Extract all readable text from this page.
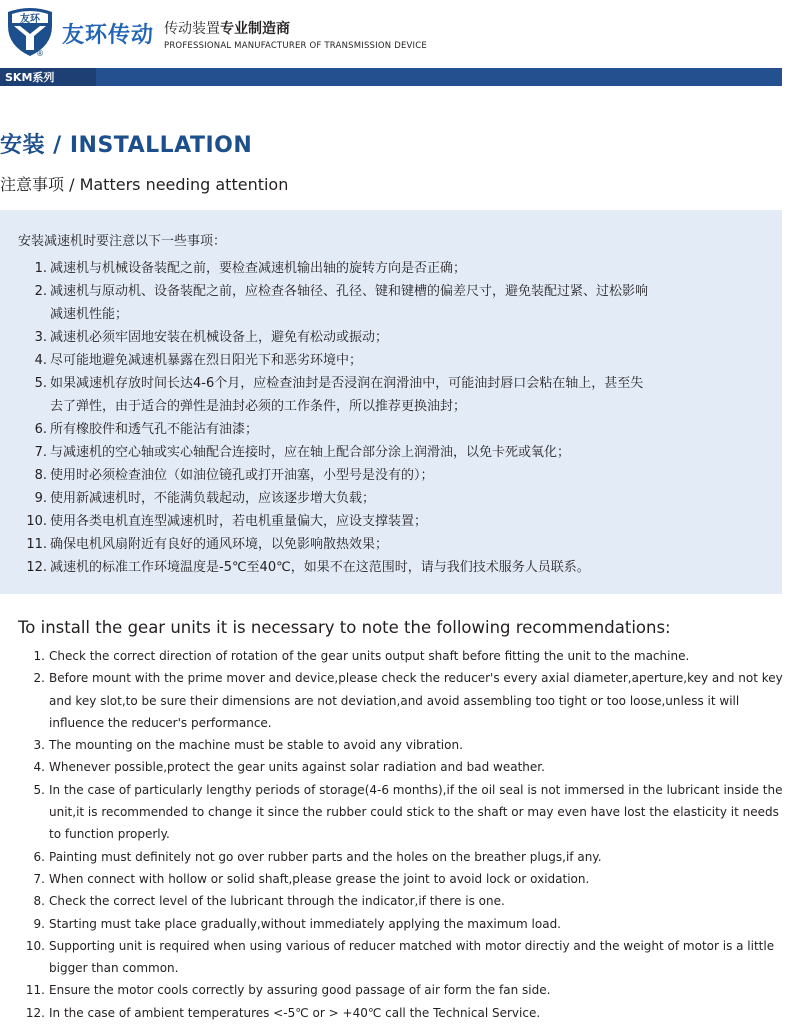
友环
®
友环传动 传动装置专业制造商
PROFESSIONAL MANUFACTURER OF TRANSMISSION DEVICE
SKM系列
安装 / INSTALLATION
注意事项 / Matters needing attention
安装减速机时要注意以下一些事项：
1. 减速机与机械设备装配之前，要检查减速机输出轴的旋转方向是否正确；
2. 减速机与原动机、设备装配之前，应检查各轴径、孔径、键和键槽的偏差尺寸，避免装配过紧、过松影响
减速机性能；
3. 减速机必须牢固地安装在机械设备上，避免有松动或振动；
4. 尽可能地避免减速机暴露在烈日阳光下和恶劣环境中；
5. 如果减速机存放时间长达4-6个月，应检查油封是否浸润在润滑油中，可能油封唇口会粘在轴上，甚至失
去了弹性，由于适合的弹性是油封必须的工作条件，所以推荐更换油封；
6. 所有橡胶件和透气孔不能沾有油漆；
7. 与减速机的空心轴或实心轴配合连接时，应在轴上配合部分涂上润滑油，以免卡死或氧化；
8. 使用时必须检查油位（如油位镜孔或打开油塞，小型号是没有的）；
9. 使用新减速机时，不能满负载起动，应该逐步增大负载；
10. 使用各类电机直连型减速机时，若电机重量偏大，应设支撑装置；
11. 确保电机风扇附近有良好的通风环境，以免影响散热效果；
12. 减速机的标准工作环境温度是-5℃至40℃，如果不在这范围时，请与我们技术服务人员联系。
To install the gear units it is necessary to note the following recommendations:
1. Check the correct direction of rotation of the gear units output shaft before fitting the unit to the machine.
2. Before mount with the prime mover and device,please check the reducer's every axial diameter,aperture,key and not key
and key slot,to be sure their dimensions are not deviation,and avoid assembling too tight or too loose,unless it will
influence the reducer's performance.
3. The mounting on the machine must be stable to avoid any vibration.
4. Whenever possible,protect the gear units against solar radiation and bad weather.
5. In the case of particularly lengthy periods of storage(4-6 months),if the oil seal is not immersed in the lubricant inside the
unit,it is recommended to change it since the rubber could stick to the shaft or may even have lost the elasticity it needs
to function properly.
6. Painting must definitely not go over rubber parts and the holes on the breather plugs,if any.
7. When connect with hollow or solid shaft,please grease the joint to avoid lock or oxidation.
8. Check the correct level of the lubricant through the indicator,if there is one.
9. Starting must take place gradually,without immediately applying the maximum load.
10. Supporting unit is required when using various of reducer matched with motor directiy and the weight of motor is a little
bigger than common.
11. Ensure the motor cools correctly by assuring good passage of air form the fan side.
12. In the case of ambient temperatures <-5℃ or > +40℃ call the Technical Service.
